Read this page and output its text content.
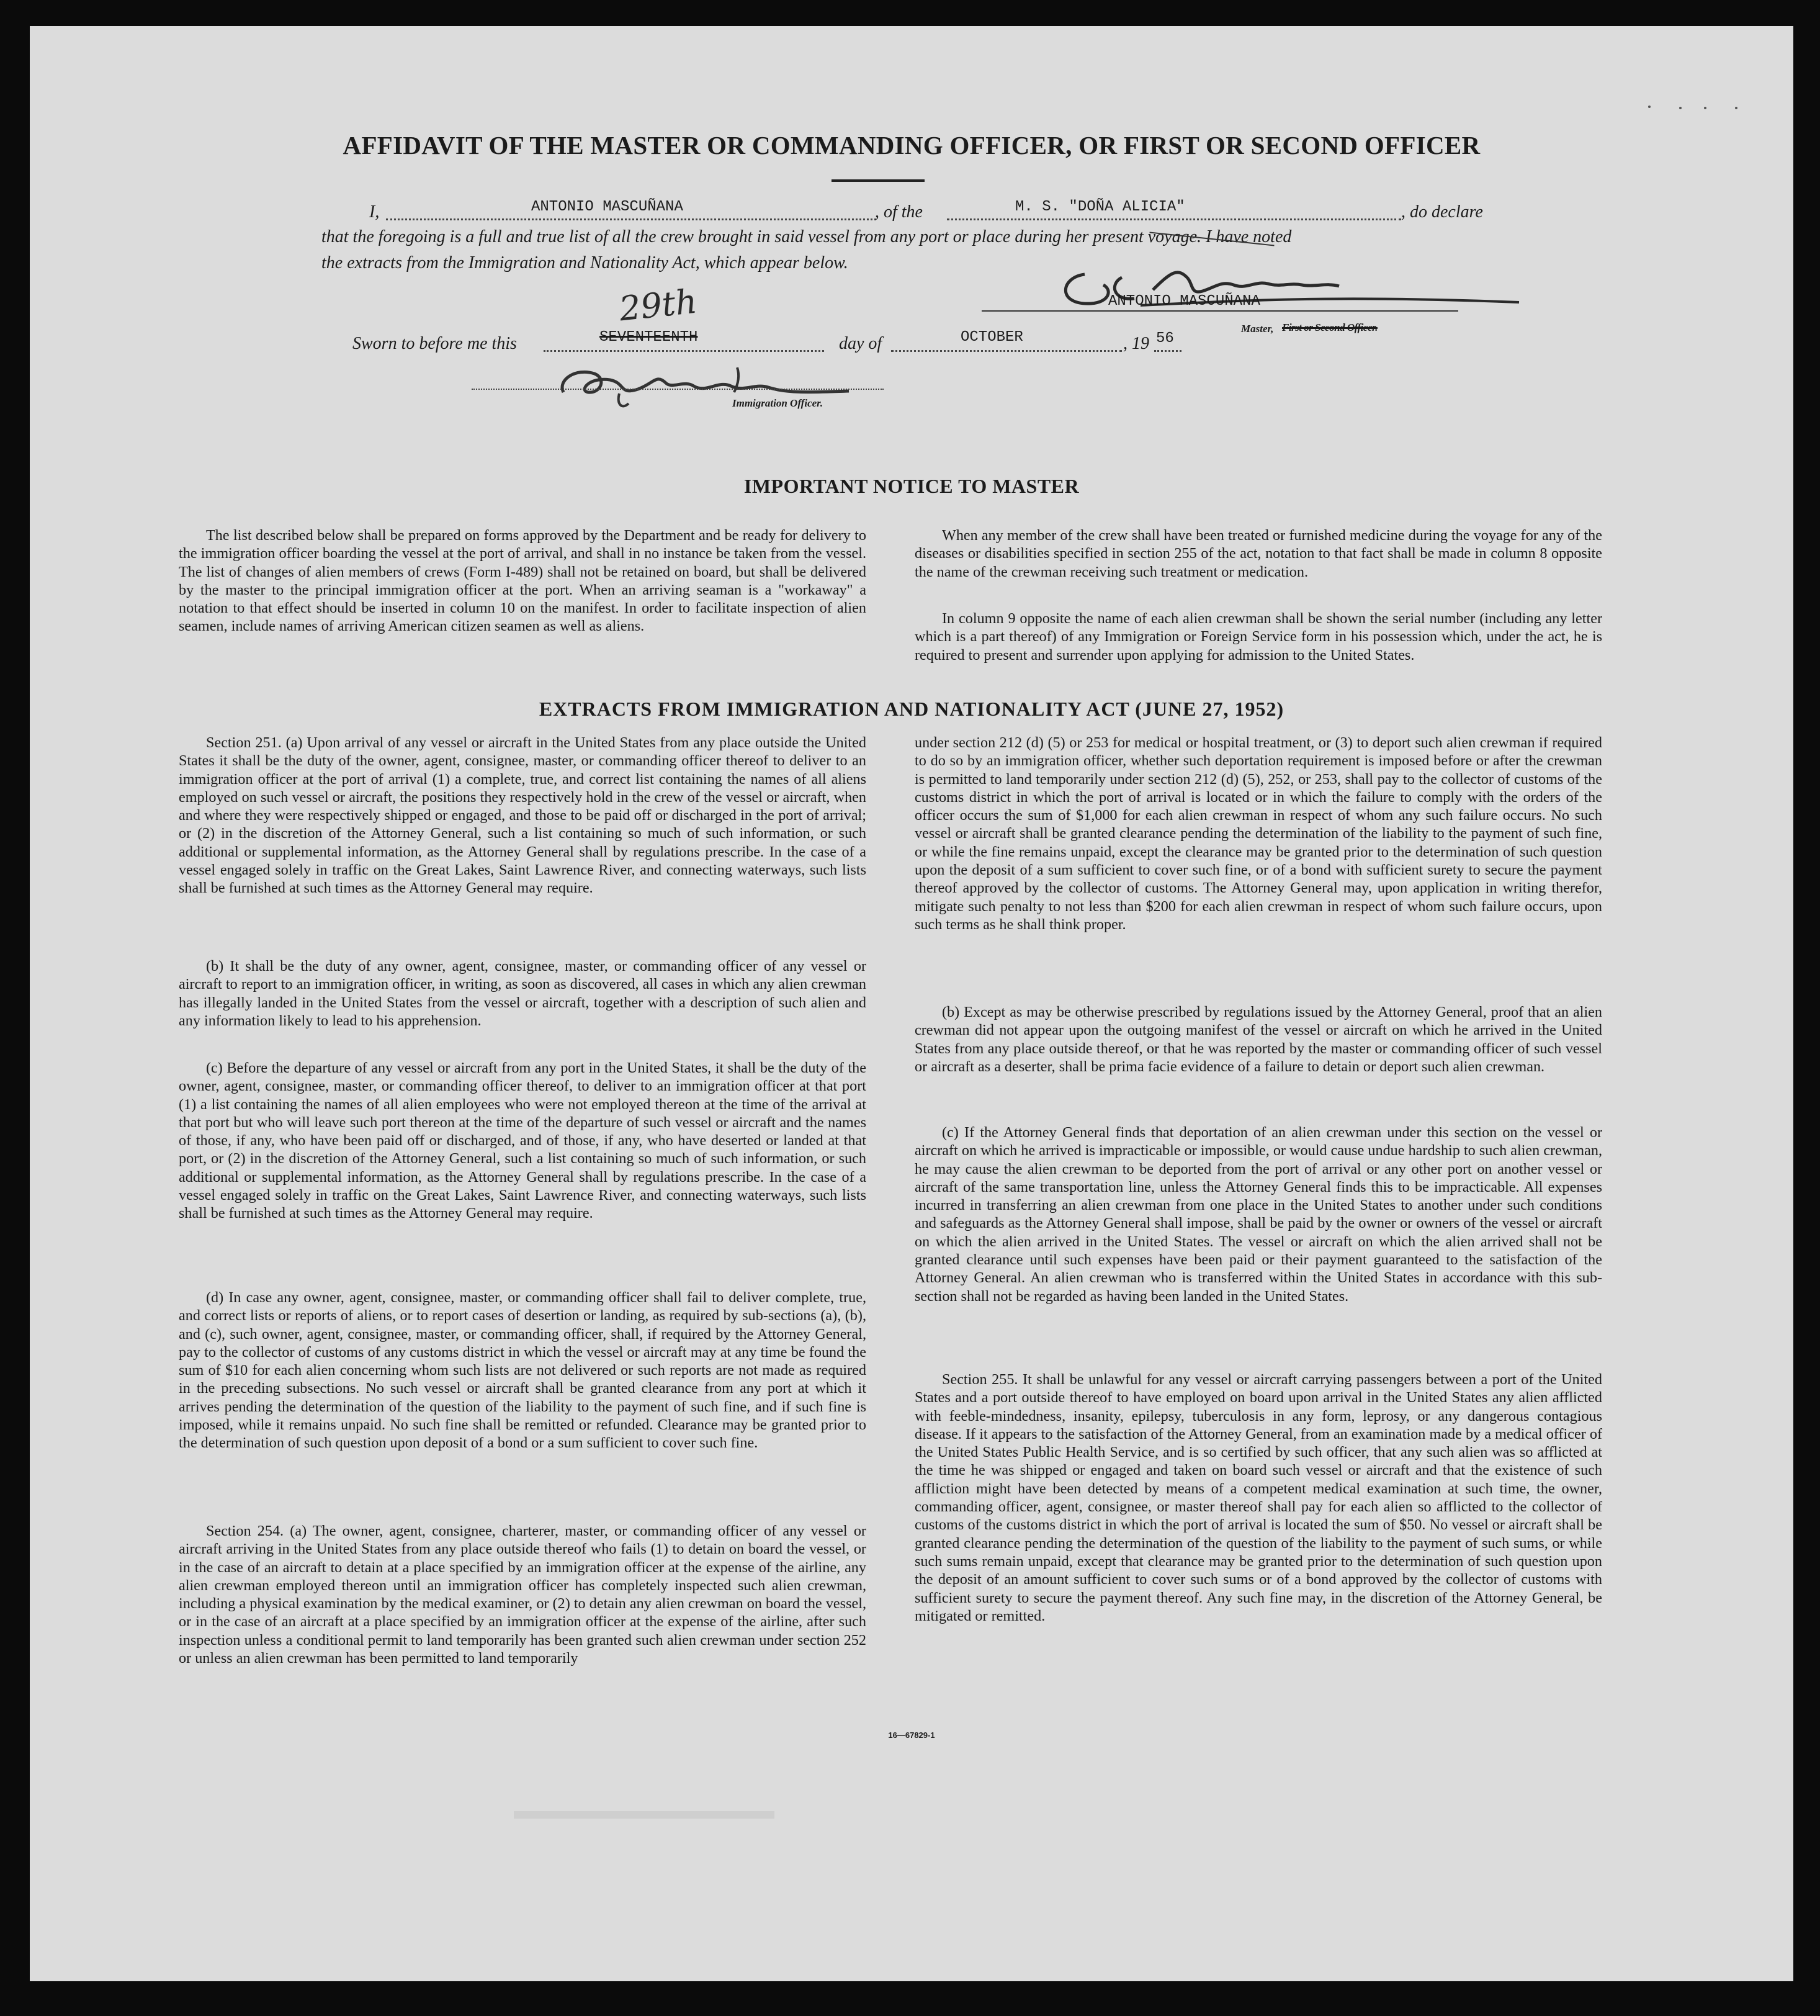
AFFIDAVIT OF THE MASTER OR COMMANDING OFFICER, OR FIRST OR SECOND OFFICER
I,	ANTONIO MASCUÑANA	, of the	M. S. "DOÑA ALICIA"	, do declare
that the foregoing is a full and true list of all the crew brought in said vessel from any port or place during her present voyage. I have noted
the extracts from the Immigration and Nationality Act, which appear below.
ANTONIO MASCUÑANA
Master, First or Second Officer.
Sworn to before me this	SEVENTEENTH
29th
day of	OCTOBER	, 19 56
Immigration Officer.
IMPORTANT NOTICE TO MASTER

The list described below shall be prepared on forms approved by the Department and be ready for delivery to the immigration officer boarding the vessel at the port of arrival, and shall in no instance be taken from the vessel. The list of changes of alien members of crews (Form I-489) shall not be retained on board, but shall be delivered by the master to the principal immigration officer at the port. When an arriving seaman is a "workaway" a notation to that effect should be inserted in column 10 on the manifest. In order to facilitate inspection of alien seamen, include names of arriving American citizen seamen as well as aliens.

When any member of the crew shall have been treated or furnished medicine during the voyage for any of the diseases or disabilities specified in section 255 of the act, notation to that fact shall be made in column 8 opposite the name of the crewman receiving such treatment or medication.

In column 9 opposite the name of each alien crewman shall be shown the serial number (including any letter which is a part thereof) of any Immigration or Foreign Service form in his possession which, under the act, he is required to present and surrender upon applying for admission to the United States.

EXTRACTS FROM IMMIGRATION AND NATIONALITY ACT (JUNE 27, 1952)

Section 251. (a) Upon arrival of any vessel or aircraft in the United States from any place outside the United States it shall be the duty of the owner, agent, consignee, master, or commanding officer thereof to deliver to an immigration officer at the port of arrival (1) a complete, true, and correct list containing the names of all aliens employed on such vessel or aircraft, the positions they respectively hold in the crew of the vessel or aircraft, when and where they were respectively shipped or engaged, and those to be paid off or discharged in the port of arrival; or (2) in the discretion of the Attorney General, such a list containing so much of such information, or such additional or supplemental information, as the Attorney General shall by regulations prescribe. In the case of a vessel engaged solely in traffic on the Great Lakes, Saint Lawrence River, and connecting waterways, such lists shall be furnished at such times as the Attorney General may require.

(b) It shall be the duty of any owner, agent, consignee, master, or commanding officer of any vessel or aircraft to report to an immigration officer, in writing, as soon as discovered, all cases in which any alien crewman has illegally landed in the United States from the vessel or aircraft, together with a description of such alien and any information likely to lead to his apprehension.

(c) Before the departure of any vessel or aircraft from any port in the United States, it shall be the duty of the owner, agent, consignee, master, or commanding officer thereof, to deliver to an immigration officer at that port (1) a list containing the names of all alien employees who were not employed thereon at the time of the arrival at that port but who will leave such port thereon at the time of the departure of such vessel or aircraft and the names of those, if any, who have been paid off or discharged, and of those, if any, who have deserted or landed at that port, or (2) in the discretion of the Attorney General, such a list containing so much of such information, or such additional or supplemental information, as the Attorney General shall by regulations prescribe. In the case of a vessel engaged solely in traffic on the Great Lakes, Saint Lawrence River, and connecting waterways, such lists shall be furnished at such times as the Attorney General may require.

(d) In case any owner, agent, consignee, master, or commanding officer shall fail to deliver complete, true, and correct lists or reports of aliens, or to report cases of desertion or landing, as required by sub-sections (a), (b), and (c), such owner, agent, consignee, master, or commanding officer, shall, if required by the Attorney General, pay to the collector of customs of any customs district in which the vessel or aircraft may at any time be found the sum of $10 for each alien concerning whom such lists are not delivered or such reports are not made as required in the preceding subsections. No such vessel or aircraft shall be granted clearance from any port at which it arrives pending the determination of the question of the liability to the payment of such fine, and if such fine is imposed, while it remains unpaid. No such fine shall be remitted or refunded. Clearance may be granted prior to the determination of such question upon deposit of a bond or a sum sufficient to cover such fine.

Section 254. (a) The owner, agent, consignee, charterer, master, or commanding officer of any vessel or aircraft arriving in the United States from any place outside thereof who fails (1) to detain on board the vessel, or in the case of an aircraft to detain at a place specified by an immigration officer at the expense of the airline, any alien crewman employed thereon until an immigration officer has completely inspected such alien crewman, including a physical examination by the medical examiner, or (2) to detain any alien crewman on board the vessel, or in the case of an aircraft at a place specified by an immigration officer at the expense of the airline, after such inspection unless a conditional permit to land temporarily has been granted such alien crewman under section 252 or unless an alien crewman has been permitted to land temporarily

under section 212 (d) (5) or 253 for medical or hospital treatment, or (3) to deport such alien crewman if required to do so by an immigration officer, whether such deportation requirement is imposed before or after the crewman is permitted to land temporarily under section 212 (d) (5), 252, or 253, shall pay to the collector of customs of the customs district in which the port of arrival is located or in which the failure to comply with the orders of the officer occurs the sum of $1,000 for each alien crewman in respect of whom any such failure occurs. No such vessel or aircraft shall be granted clearance pending the determination of the liability to the payment of such fine, or while the fine remains unpaid, except the clearance may be granted prior to the determination of such question upon the deposit of a sum sufficient to cover such fine, or of a bond with sufficient surety to secure the payment thereof approved by the collector of customs. The Attorney General may, upon application in writing therefor, mitigate such penalty to not less than $200 for each alien crewman in respect of whom such failure occurs, upon such terms as he shall think proper.

(b) Except as may be otherwise prescribed by regulations issued by the Attorney General, proof that an alien crewman did not appear upon the outgoing manifest of the vessel or aircraft on which he arrived in the United States from any place outside thereof, or that he was reported by the master or commanding officer of such vessel or aircraft as a deserter, shall be prima facie evidence of a failure to detain or deport such alien crewman.

(c) If the Attorney General finds that deportation of an alien crewman under this section on the vessel or aircraft on which he arrived is impracticable or impossible, or would cause undue hardship to such alien crewman, he may cause the alien crewman to be deported from the port of arrival or any other port on another vessel or aircraft of the same transportation line, unless the Attorney General finds this to be impracticable. All expenses incurred in transferring an alien crewman from one place in the United States to another under such conditions and safeguards as the Attorney General shall impose, shall be paid by the owner or owners of the vessel or aircraft on which the alien arrived in the United States. The vessel or aircraft on which the alien arrived shall not be granted clearance until such expenses have been paid or their payment guaranteed to the satisfaction of the Attorney General. An alien crewman who is transferred within the United States in accordance with this sub-section shall not be regarded as having been landed in the United States.

Section 255. It shall be unlawful for any vessel or aircraft carrying passengers between a port of the United States and a port outside thereof to have employed on board upon arrival in the United States any alien afflicted with feeble-mindedness, insanity, epilepsy, tuberculosis in any form, leprosy, or any dangerous contagious disease. If it appears to the satisfaction of the Attorney General, from an examination made by a medical officer of the United States Public Health Service, and is so certified by such officer, that any such alien was so afflicted at the time he was shipped or engaged and taken on board such vessel or aircraft and that the existence of such affliction might have been detected by means of a competent medical examination at such time, the owner, commanding officer, agent, consignee, or master thereof shall pay for each alien so afflicted to the collector of customs of the customs district in which the port of arrival is located the sum of $50. No vessel or aircraft shall be granted clearance pending the determination of the question of the liability to the payment of such sums, or while such sums remain unpaid, except that clearance may be granted prior to the determination of such question upon the deposit of an amount sufficient to cover such sums or of a bond approved by the collector of customs with sufficient surety to secure the payment thereof. Any such fine may, in the discretion of the Attorney General, be mitigated or remitted.

16—67829-1
